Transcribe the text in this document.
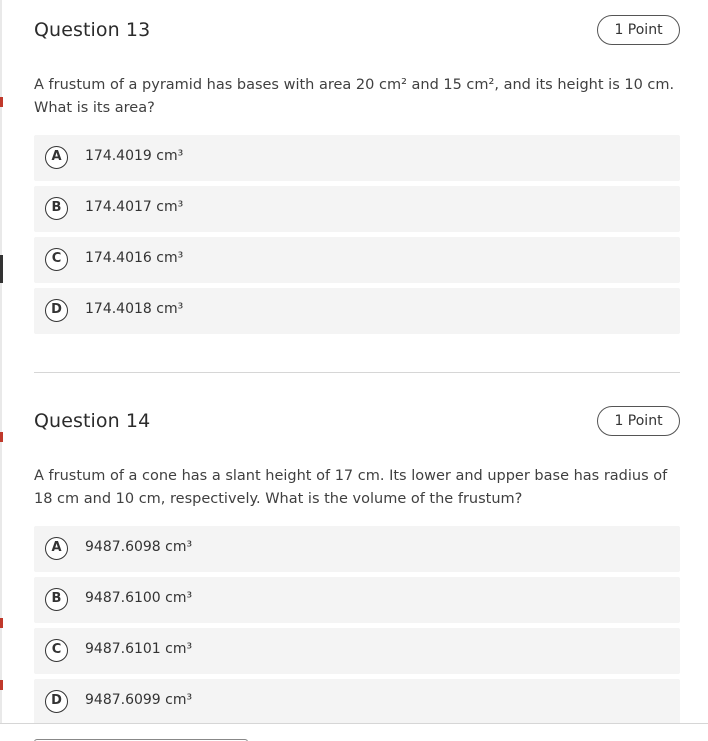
Question 13	1 Point
A frustum of a pyramid has bases with area 20 cm² and 15 cm², and its height is 10 cm. What is its area?
A	174.4019 cm³
B	174.4017 cm³
C	174.4016 cm³
D	174.4018 cm³
Question 14	1 Point
A frustum of a cone has a slant height of 17 cm. Its lower and upper base has radius of 18 cm and 10 cm, respectively. What is the volume of the frustum?
A	9487.6098 cm³
B	9487.6100 cm³
C	9487.6101 cm³
D	9487.6099 cm³
